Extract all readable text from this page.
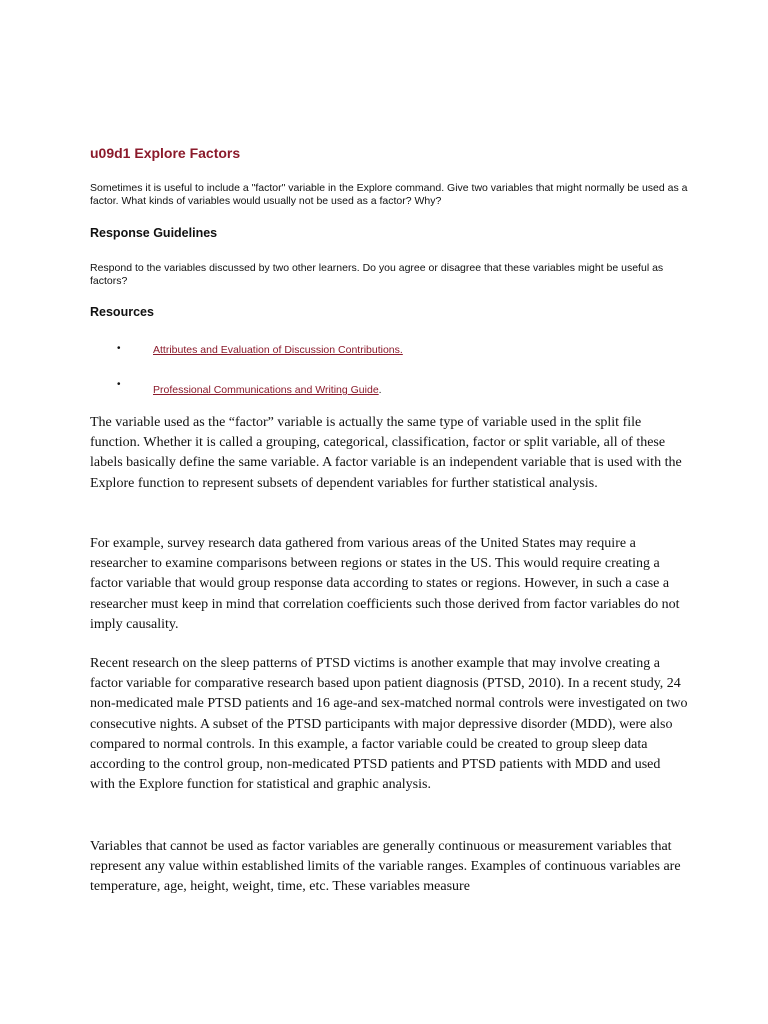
u09d1 Explore Factors

Sometimes it is useful to include a "factor" variable in the Explore command. Give two variables that might normally be used as a factor. What kinds of variables would usually not be used as a factor? Why?

Response Guidelines

Respond to the variables discussed by two other learners. Do you agree or disagree that these variables might be useful as factors?

Resources
•	Attributes and Evaluation of Discussion Contributions.
•	Professional Communications and Writing Guide.

The variable used as the “factor” variable is actually the same type of variable used in the split file function. Whether it is called a grouping, categorical, classification, factor or split variable, all of these labels basically define the same variable. A factor variable is an independent variable that is used with the Explore function to represent subsets of dependent variables for further statistical analysis.

For example, survey research data gathered from various areas of the United States may require a researcher to examine comparisons between regions or states in the US. This would require creating a factor variable that would group response data according to states or regions. However, in such a case a researcher must keep in mind that correlation coefficients such those derived from factor variables do not imply causality.

Recent research on the sleep patterns of PTSD victims is another example that may involve creating a factor variable for comparative research based upon patient diagnosis (PTSD, 2010). In a recent study, 24 non-medicated male PTSD patients and 16 age-and sex-matched normal controls were investigated on two consecutive nights. A subset of the PTSD participants with major depressive disorder (MDD), were also compared to normal controls. In this example, a factor variable could be created to group sleep data according to the control group, non-medicated PTSD patients and PTSD patients with MDD and used with the Explore function for statistical and graphic analysis.

Variables that cannot be used as factor variables are generally continuous or measurement variables that represent any value within established limits of the variable ranges. Examples of continuous variables are temperature, age, height, weight, time, etc. These variables measure
